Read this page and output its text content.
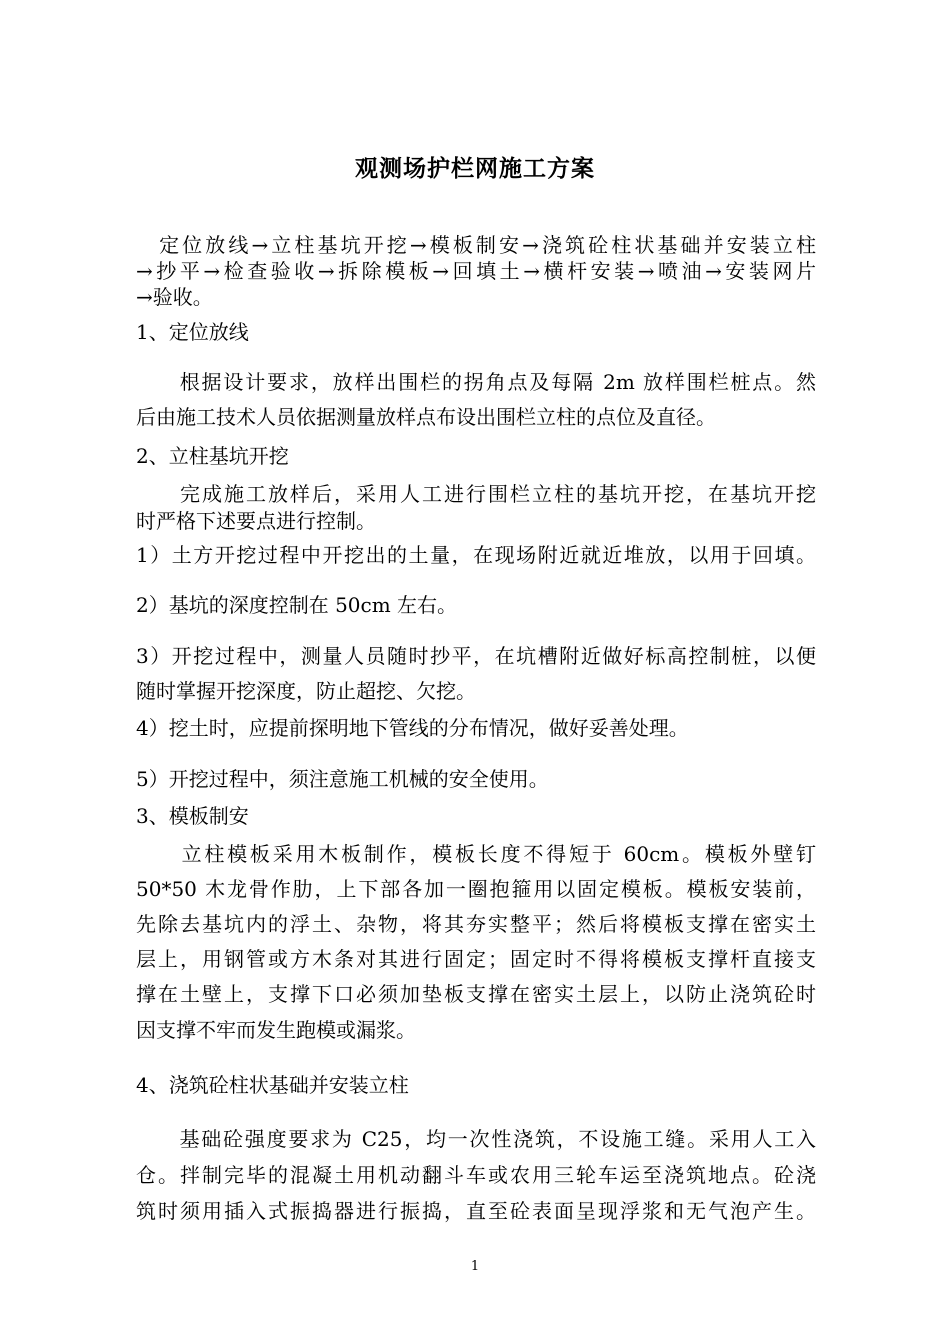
观测场护栏网施工方案
　定位放线→立柱基坑开挖→模板制安→浇筑砼柱状基础并安装立柱
→抄平→检查验收→拆除模板→回填土→横杆安装→喷油→安装网片
→验收。
1、定位放线
　　根据设计要求，放样出围栏的拐角点及每隔 2m 放样围栏桩点。然
后由施工技术人员依据测量放样点布设出围栏立柱的点位及直径。
2、立柱基坑开挖
　　完成施工放样后，采用人工进行围栏立柱的基坑开挖，在基坑开挖
时严格下述要点进行控制。
1）土方开挖过程中开挖出的土量，在现场附近就近堆放，以用于回填。
2）基坑的深度控制在 50cm 左右。
3）开挖过程中，测量人员随时抄平，在坑槽附近做好标高控制桩，以便
随时掌握开挖深度，防止超挖、欠挖。
4）挖土时，应提前探明地下管线的分布情况，做好妥善处理。
5）开挖过程中，须注意施工机械的安全使用。
3、模板制安
　　立柱模板采用木板制作，模板长度不得短于 60cm。模板外壁钉
50*50 木龙骨作肋，上下部各加一圈抱箍用以固定模板。模板安装前，
先除去基坑内的浮土、杂物，将其夯实整平；然后将模板支撑在密实土
层上，用钢管或方木条对其进行固定；固定时不得将模板支撑杆直接支
撑在土壁上，支撑下口必须加垫板支撑在密实土层上，以防止浇筑砼时
因支撑不牢而发生跑模或漏浆。
4、浇筑砼柱状基础并安装立柱
　　基础砼强度要求为 C25，均一次性浇筑，不设施工缝。采用人工入
仓。拌制完毕的混凝土用机动翻斗车或农用三轮车运至浇筑地点。砼浇
筑时须用插入式振捣器进行振捣，直至砼表面呈现浮浆和无气泡产生。
1
